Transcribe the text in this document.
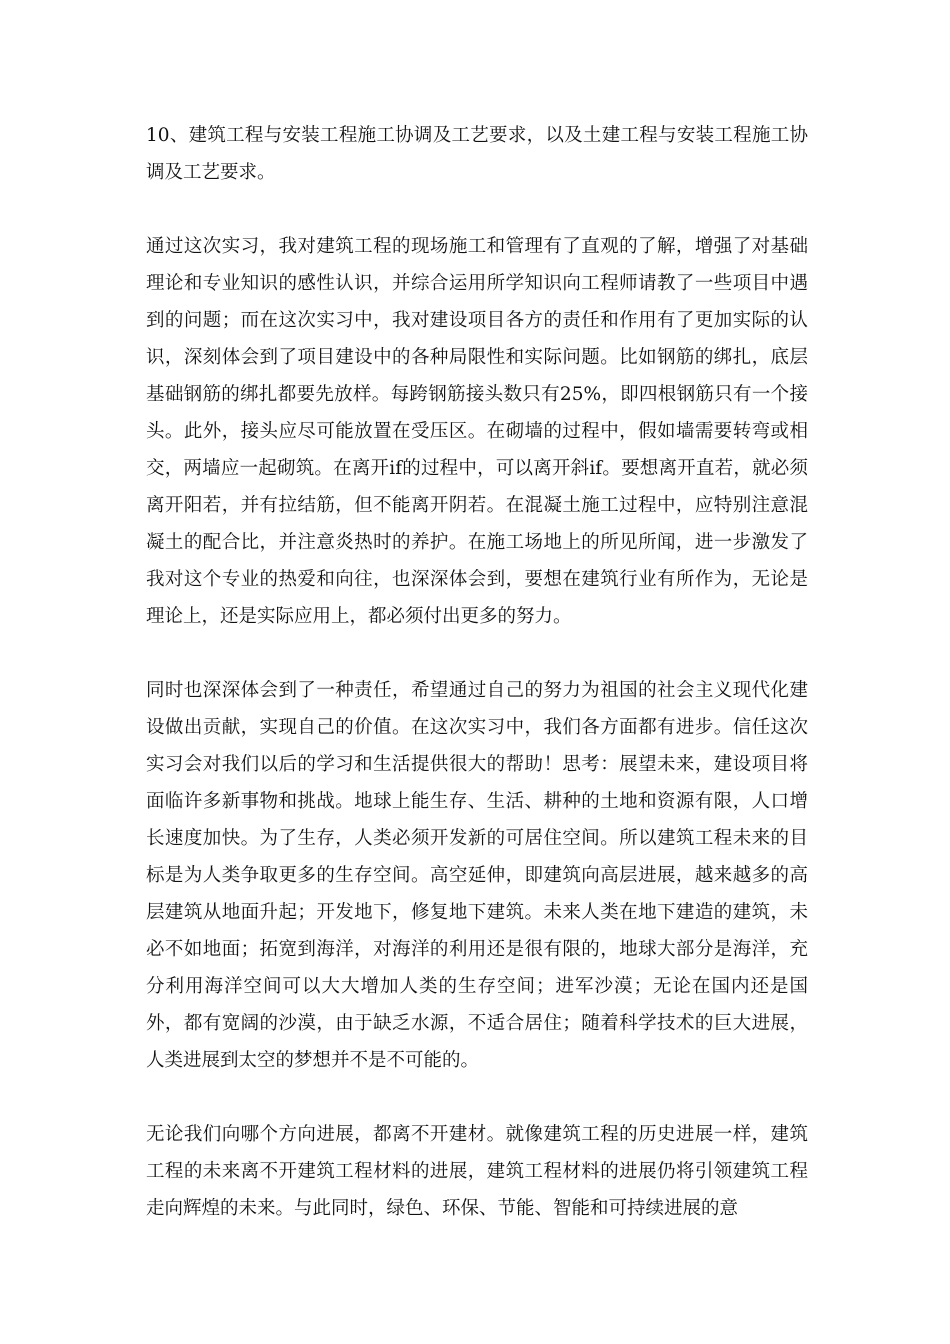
10、建筑工程与安装工程施工协调及工艺要求，以及土建工程与安装工程施工协调及工艺要求。

通过这次实习，我对建筑工程的现场施工和管理有了直观的了解，增强了对基础理论和专业知识的感性认识，并综合运用所学知识向工程师请教了一些项目中遇到的问题；而在这次实习中，我对建设项目各方的责任和作用有了更加实际的认识，深刻体会到了项目建设中的各种局限性和实际问题。比如钢筋的绑扎，底层基础钢筋的绑扎都要先放样。每跨钢筋接头数只有25%，即四根钢筋只有一个接头。此外，接头应尽可能放置在受压区。在砌墙的过程中，假如墙需要转弯或相交，两墙应一起砌筑。在离开if的过程中，可以离开斜if。要想离开直若，就必须离开阳若，并有拉结筋，但不能离开阴若。在混凝土施工过程中，应特别注意混凝土的配合比，并注意炎热时的养护。在施工场地上的所见所闻，进一步激发了我对这个专业的热爱和向往，也深深体会到，要想在建筑行业有所作为，无论是理论上，还是实际应用上，都必须付出更多的努力。

同时也深深体会到了一种责任，希望通过自己的努力为祖国的社会主义现代化建设做出贡献，实现自己的价值。在这次实习中，我们各方面都有进步。信任这次实习会对我们以后的学习和生活提供很大的帮助！思考：展望未来，建设项目将面临许多新事物和挑战。地球上能生存、生活、耕种的土地和资源有限，人口增长速度加快。为了生存，人类必须开发新的可居住空间。所以建筑工程未来的目标是为人类争取更多的生存空间。高空延伸，即建筑向高层进展，越来越多的高层建筑从地面升起；开发地下，修复地下建筑。未来人类在地下建造的建筑，未必不如地面；拓宽到海洋，对海洋的利用还是很有限的，地球大部分是海洋，充分利用海洋空间可以大大增加人类的生存空间；进军沙漠；无论在国内还是国外，都有宽阔的沙漠，由于缺乏水源，不适合居住；随着科学技术的巨大进展，人类进展到太空的梦想并不是不可能的。

无论我们向哪个方向进展，都离不开建材。就像建筑工程的历史进展一样，建筑工程的未来离不开建筑工程材料的进展，建筑工程材料的进展仍将引领建筑工程走向辉煌的未来。与此同时，绿色、环保、节能、智能和可持续进展的意
